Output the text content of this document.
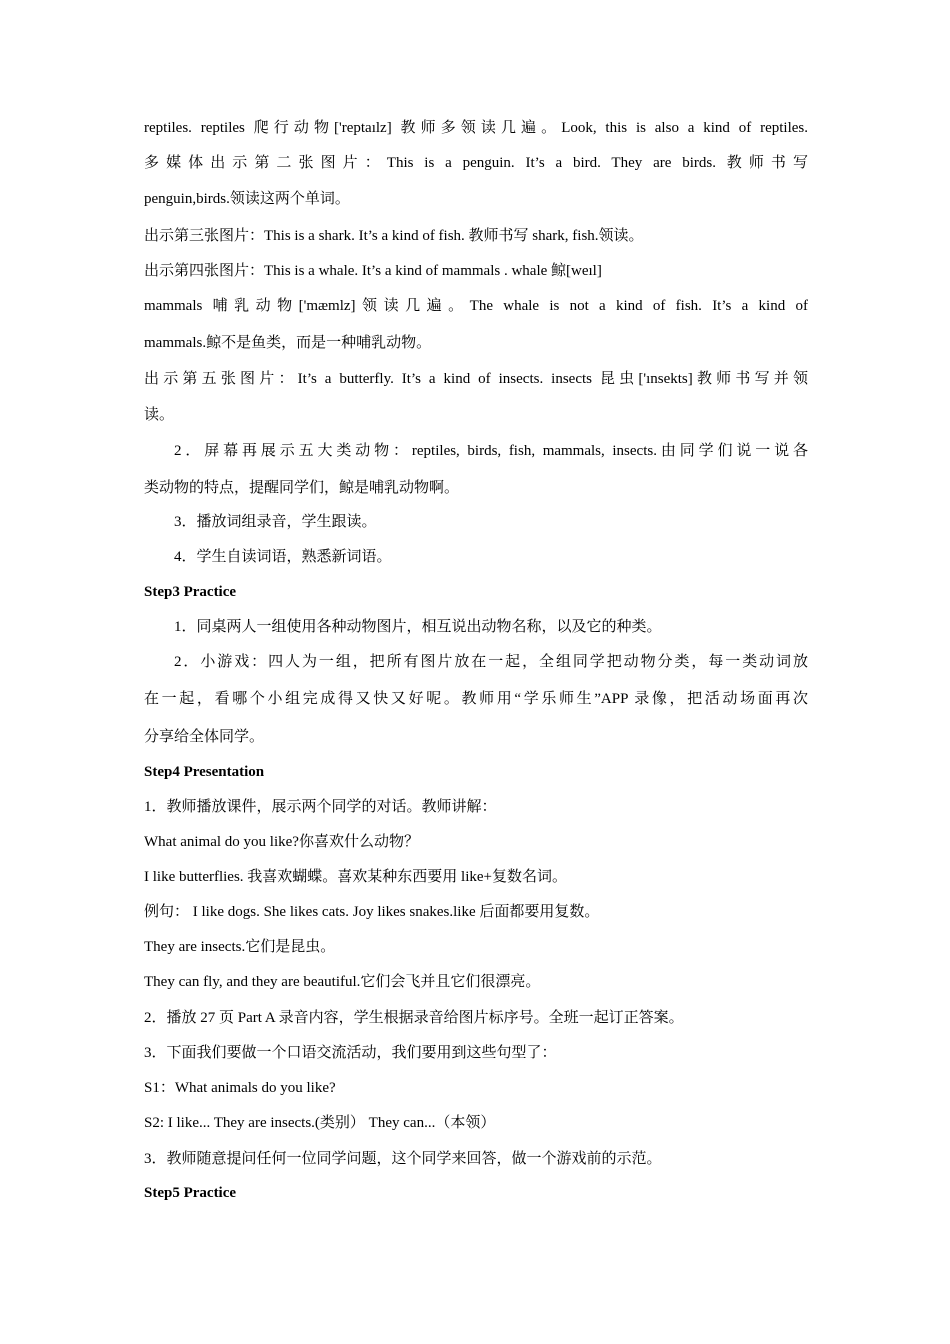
reptiles. reptiles 爬行动物['reptaılz] 教师多领读几遍。Look, this is also a kind of reptiles.
多媒体出示第二张图片：This is a penguin. It’s a bird. They are birds. 教师书写
penguin,birds.领读这两个单词。
出示第三张图片：This is a shark. It’s a kind of fish. 教师书写 shark, fish.领读。
出示第四张图片：This is a whale. It’s a kind of mammals . whale 鲸[weıl]
mammals 哺乳动物['mæmlz]领读几遍。The whale is not a kind of fish. It’s a kind of
mammals.鲸不是鱼类，而是一种哺乳动物。
出示第五张图片：It’s a butterfly. It’s a kind of insects. insects 昆虫['ınsekts]教师书写并领
读。
2．屏幕再展示五大类动物：reptiles, birds, fish, mammals, insects.由同学们说一说各
类动物的特点，提醒同学们，鲸是哺乳动物啊。
3．播放词组录音，学生跟读。
4．学生自读词语，熟悉新词语。
Step3 Practice
1．同桌两人一组使用各种动物图片，相互说出动物名称，以及它的种类。
2．小游戏：四人为一组，把所有图片放在一起，全组同学把动物分类，每一类动词放
在一起，看哪个小组完成得又快又好呢。教师用“学乐师生”APP 录像，把活动场面再次
分享给全体同学。
Step4 Presentation
1．教师播放课件，展示两个同学的对话。教师讲解：
What animal do you like?你喜欢什么动物？
I like butterflies. 我喜欢蝴蝶。喜欢某种东西要用 like+复数名词。
例句： I like dogs. She likes cats. Joy likes snakes.like 后面都要用复数。
They are insects.它们是昆虫。
They can fly, and they are beautiful.它们会飞并且它们很漂亮。
2．播放 27 页 Part A 录音内容，学生根据录音给图片标序号。全班一起订正答案。
3．下面我们要做一个口语交流活动，我们要用到这些句型了：
S1：What animals do you like?
S2: I like... They are insects.(类别） They can...（本领）
3．教师随意提问任何一位同学问题，这个同学来回答，做一个游戏前的示范。
Step5 Practice
